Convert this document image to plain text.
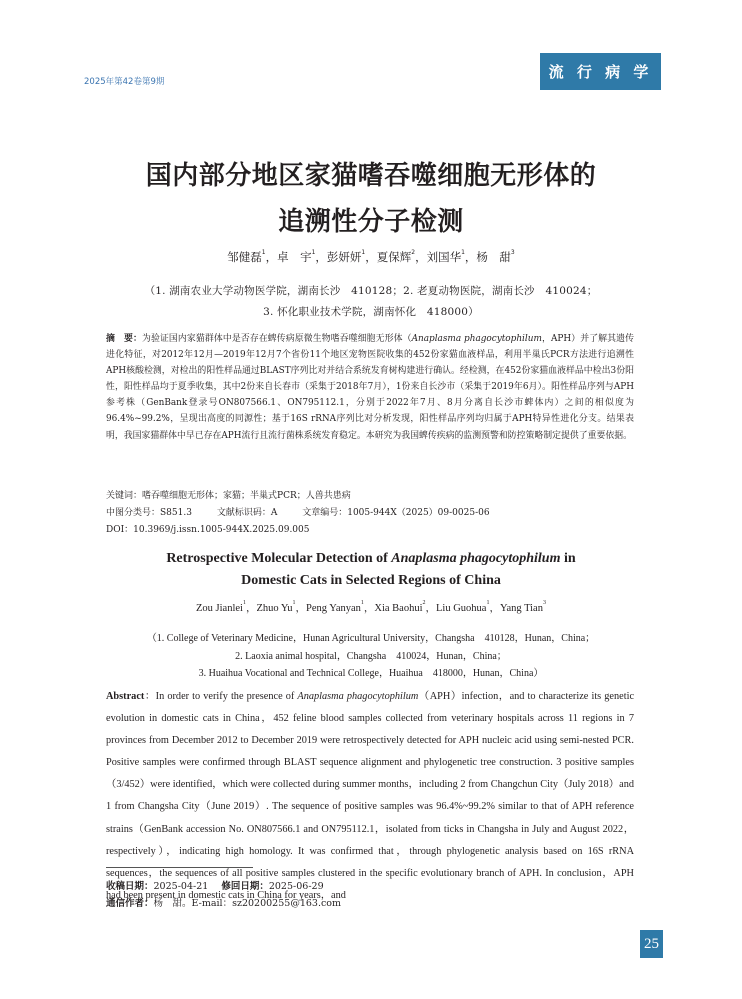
2025年第42卷第9期
流 行 病 学
国内部分地区家猫嗜吞噬细胞无形体的
追溯性分子检测
邹健磊$^1$，卓　宇$^1$，彭妍妍$^1$，夏保辉$^2$，刘国华$^1$，杨　甜$^3$
（1. 湖南农业大学动物医学院，湖南长沙　410128；2. 老夏动物医院，湖南长沙　410024；
3. 怀化职业技术学院，湖南怀化　418000）
摘　要：为验证国内家猫群体中是否存在蜱传病原微生物嗜吞噬细胞无形体（Anaplasma phagocytophilum，APH）并了解其遗传进化特征，对2012年12月—2019年12月7个省份11个地区宠物医院收集的452份家猫血液样品，利用半巢氏PCR方法进行追溯性APH核酸检测，对检出的阳性样品通过BLAST序列比对并结合系统发育树构建进行确认。经检测，在452份家猫血液样品中检出3份阳性，阳性样品均于夏季收集，其中2份来自长春市（采集于2018年7月），1份来自长沙市（采集于2019年6月）。阳性样品序列与APH参考株（GenBank登录号ON807566.1、ON795112.1，分别于2022年7月、8月分离自长沙市蜱体内）之间的相似度为96.4%~99.2%，呈现出高度的同源性；基于16S rRNA序列比对分析发现，阳性样品序列均归属于APH特异性进化分支。结果表明，我国家猫群体中早已存在APH流行且流行菌株系统发育稳定。本研究为我国蜱传疾病的监测预警和防控策略制定提供了重要依据。
关键词：嗜吞噬细胞无形体；家猫；半巢式PCR；人兽共患病
中图分类号：S851.3	文献标识码：A	文章编号：1005-944X（2025）09-0025-06
DOI：10.3969/j.issn.1005-944X.2025.09.005
Retrospective Molecular Detection of Anaplasma phagocytophilum in
Domestic Cats in Selected Regions of China
Zou Jianlei$^1$，Zhuo Yu$^1$，Peng Yanyan$^1$，Xia Baohui$^2$，Liu Guohua$^1$，Yang Tian$^3$
（1. College of Veterinary Medicine，Hunan Agricultural University，Changsha　410128，Hunan，China；
2. Laoxia animal hospital，Changsha　410024，Hunan，China；
3. Huaihua Vocational and Technical College，Huaihua　418000，Hunan，China）
Abstract：In order to verify the presence of Anaplasma phagocytophilum（APH）infection，and to characterize its genetic evolution in domestic cats in China，452 feline blood samples collected from veterinary hospitals across 11 regions in 7 provinces from December 2012 to December 2019 were retrospectively detected for APH nucleic acid using semi-nested PCR. Positive samples were confirmed through BLAST sequence alignment and phylogenetic tree construction. 3 positive samples（3/452）were identified，which were collected during summer months，including 2 from Changchun City（July 2018）and 1 from Changsha City（June 2019）. The sequence of positive samples was 96.4%~99.2% similar to that of APH reference strains（GenBank accession No. ON807566.1 and ON795112.1，isolated from ticks in Changsha in July and August 2022，respectively），indicating high homology. It was confirmed that，through phylogenetic analysis based on 16S rRNA sequences，the sequences of all positive samples clustered in the specific evolutionary branch of APH. In conclusion，APH had been present in domestic cats in China for years，and
收稿日期：2025-04-21 修回日期：2025-06-29
通信作者：杨　甜。E-mail：sz20200255@163.com
25
